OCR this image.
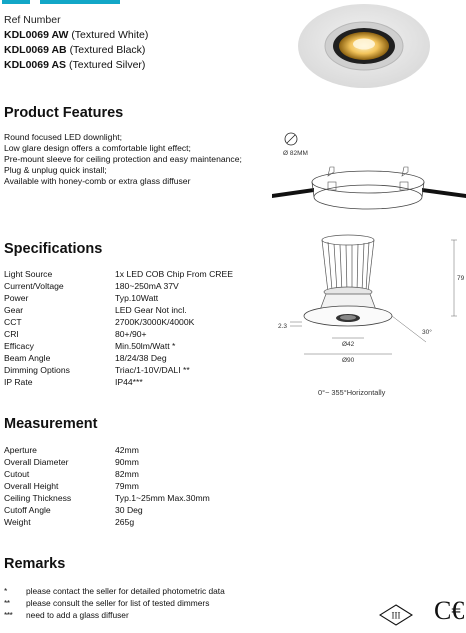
Ref Number
KDL0069 AW (Textured White)
KDL0069 AB (Textured Black)
KDL0069 AS (Textured Silver)
Product Features
Round focused LED downlight;
Low glare design offers a comfortable light effect;
Pre-mount sleeve for ceiling protection and easy maintenance;
Plug & unplug quick install;
Available with honey-comb or extra glass diffuser
Ø 82MM
Specifications
Light Source	1x LED COB Chip From CREE
Current/Voltage	180~250mA 37V
Power	Typ.10Watt
Gear	LED Gear Not incl.
CCT	2700K/3000K/4000K
CRI	80+/90+
Efficacy	Min.50lm/Watt *
Beam Angle	18/24/38 Deg
Dimming Options	Triac/1-10V/DALI **
IP Rate	IP44***
79
2.3
30°
Ø42
Ø90
0°~ 355°Horizontally
Measurement
Aperture	42mm
Overall Diameter	90mm
Cutout	82mm
Overall Height	79mm
Ceiling Thickness	Typ.1~25mm Max.30mm
Cutoff Angle	30 Deg
Weight	265g
Remarks
* please contact the seller for detailed photometric data
** please consult the seller for list of tested dimmers
*** need to add a glass diffuser	III C€
